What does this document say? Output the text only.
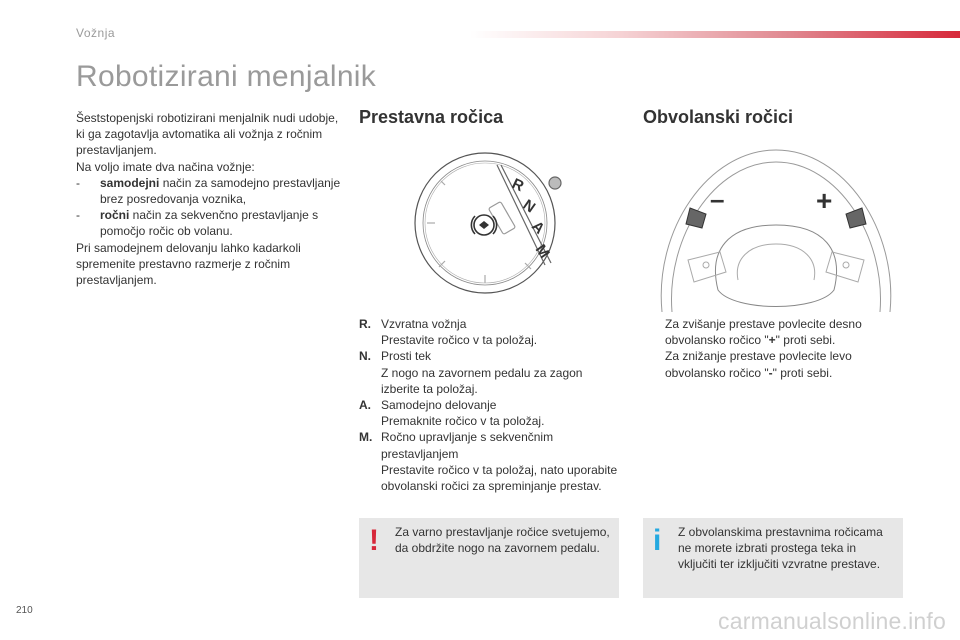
Vožnja
Robotizirani menjalnik

Šeststopenjski robotizirani menjalnik nudi udobje, ki ga zagotavlja avtomatika ali vožnja z ročnim prestavljanjem.

Na voljo imate dva načina vožnje:

-	samodejni način za samodejno prestavljanje brez posredovanja voznika,
-	ročni način za sekvenčno prestavljanje s pomočjo ročic ob volanu.

Pri samodejnem delovanju lahko kadarkoli spremenite prestavno razmerje z ročnim prestavljanjem.

Prestavna ročica
R
N
A
M
R. Vzvratna vožnja
Prestavite ročico v ta položaj.
N. Prosti tek
Z nogo na zavornem pedalu za zagon izberite ta položaj.
A. Samodejno delovanje
Premaknite ročico v ta položaj.
M. Ročno upravljanje s sekvenčnim prestavljanjem
Prestavite ročico v ta položaj, nato uporabite obvolanski ročici za spreminjanje prestav.
! Za varno prestavljanje ročice svetujemo, da obdržite nogo na zavornem pedalu.
Obvolanski ročici
–	+
Za zvišanje prestave povlecite desno obvolansko ročico "+" proti sebi.
Za znižanje prestave povlecite levo obvolansko ročico "-" proti sebi.
i Z obvolanskima prestavnima ročicama ne morete izbrati prostega teka in vključiti ter izključiti vzvratne prestave.
210	carmanualsonline.info
